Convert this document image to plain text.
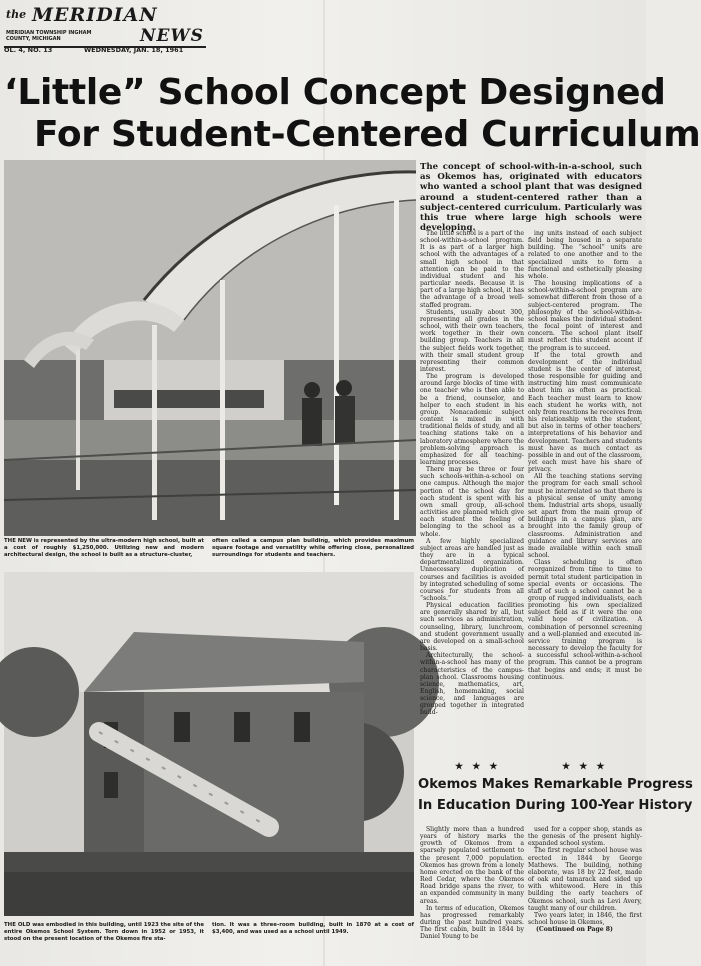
the MERIDIAN
NEWS
MERIDIAN TOWNSHIP INGHAM COUNTY, MICHIGAN
OL. 4, NO. 13	WEDNESDAY, JAN. 18, 1961
‘Little” School Concept Designed
For Student-Centered Curriculum
THE NEW is represented by the ultra-modern high school, built at a cost of roughly $1,250,000. Utilizing new and modern architectural design, the school is built as a structure-cluster,
often called a campus plan building, which provides maximum square footage and versatility while offering close, personalized surroundings for students and teachers.
THE OLD was embodied in this building, until 1923 the site of the entire Okemos School System. Torn down in 1952 or 1953, it stood on the present location of the Okemos fire sta-
tion. It was a three-room building, built in 1870 at a cost of $3,400, and was used as a school until 1949.
The concept of school-with-in-a-school, such as Okemos has, originated with educators who wanted a school plant that was designed around a student-centered rather than a subject-centered curriculum. Particularly was this true where large high schools were developing.

The little school is a part of the school-within-a-school program. It is as part of a larger high school with the advantages of a small high school in that attention can be paid to the individual student and his particular needs. Because it is part of a large high school, it has the advantage of a broad well-staffed program.

Students, usually about 300, representing all grades in the school, with their own teachers, work together in their own building group. Teachers in all the subject fields work together, with their small student group representing their common interest.

The program is developed around large blocks of time with one teacher who is then able to be a friend, counselor, and helper to each student in his group. Nonacademic subject content is mixed in with traditional fields of study, and all teaching stations take on a laboratory atmosphere where the problem-solving approach is emphasized for all teaching-learning processes.

There may be three or four such schools-within-a-school on one campus. Although the major portion of the school day for each student is spent with his own small group, all-school activities are planned which give each student the feeling of belonging to the school as a whole.

A few highly specialized subject areas are handled just as they are in a typical departmentalized organization. Unnecessary duplication of courses and facilities is avoided by integrated scheduling of some courses for students from all “schools.”

Physical education facilities are generally shared by all, but such services as administration, counseling, library, lunchroom, and student government usually are developed on a small-school basis.

Architecturally, the school-within-a-school has many of the characteristics of the campus-plan school. Classrooms housing science, mathematics, art, English, homemaking, social science, and languages are grouped together in integrated build-

ing units instead of each subject field being housed in a separate building. The “school” units are related to one another and to the specialized units to form a functional and esthetically pleasing whole.

The housing implications of a school-within-a-school program are somewhat different from those of a subject-centered program. The philosophy of the school-within-a-school makes the individual student the focal point of interest and concern. The school plant itself must reflect this student accent if the program is to succeed.

If the total growth and development of the individual student is the center of interest, those responsible for guiding and instructing him must communicate about him as often as practical. Each teacher must learn to know each student he works with, not only from reactions he receives from his relationship with the student, but also in terms of other teachers’ interpretations of his behavior and development. Teachers and students must have as much contact as possible in and out of the classroom, yet each must have his share of privacy.

All the teaching stations serving the program for each small school must be interrelated so that there is a physical sense of unity among them. Industrial arts shops, usually set apart from the main group of buildings in a campus plan, are brought into the family group of classrooms. Administration and guidance and library services are made available within each small school.

Class scheduling is often reorganized from time to time to permit total student participation in special events or occasions. The staff of such a school cannot be a group of rugged individualists, each promoting his own specialized subject field as if it were the one valid hope of civilization. A combination of personnel screening and a well-planned and executed in-service training program is necessary to develop the faculty for a successful school-within-a-school program. This cannot be a program that begins and ends; it must be continuous.

★ ★ ★	★ ★ ★
Okemos Makes Remarkable Progress
In Education During 100-Year History

Slightly more than a hundred years of history marks the growth of Okemos from a sparsely populated settlement to the present 7,000 population. Okemos has grown from a lonely home erected on the bank of the Red Cedar, where the Okemos Road bridge spans the river, to an expanded community in many areas.

In terms of education, Okemos has progressed remarkably during the past hundred years. The first cabin, built in 1844 by Daniel Young to be

used for a copper shop, stands as the genesis of the present highly-expanded school system.

The first regular school house was erected in 1844 by George Mathews. The building, nothing elaborate, was 18 by 22 feet, made of oak and tamarack and sided up with whitewood. Here in this building the early teachers of Okemos school, such as Levi Avery, taught many of our children.

Two years later, in 1846, the first school house in Okemos,

(Continued on Page 8)
